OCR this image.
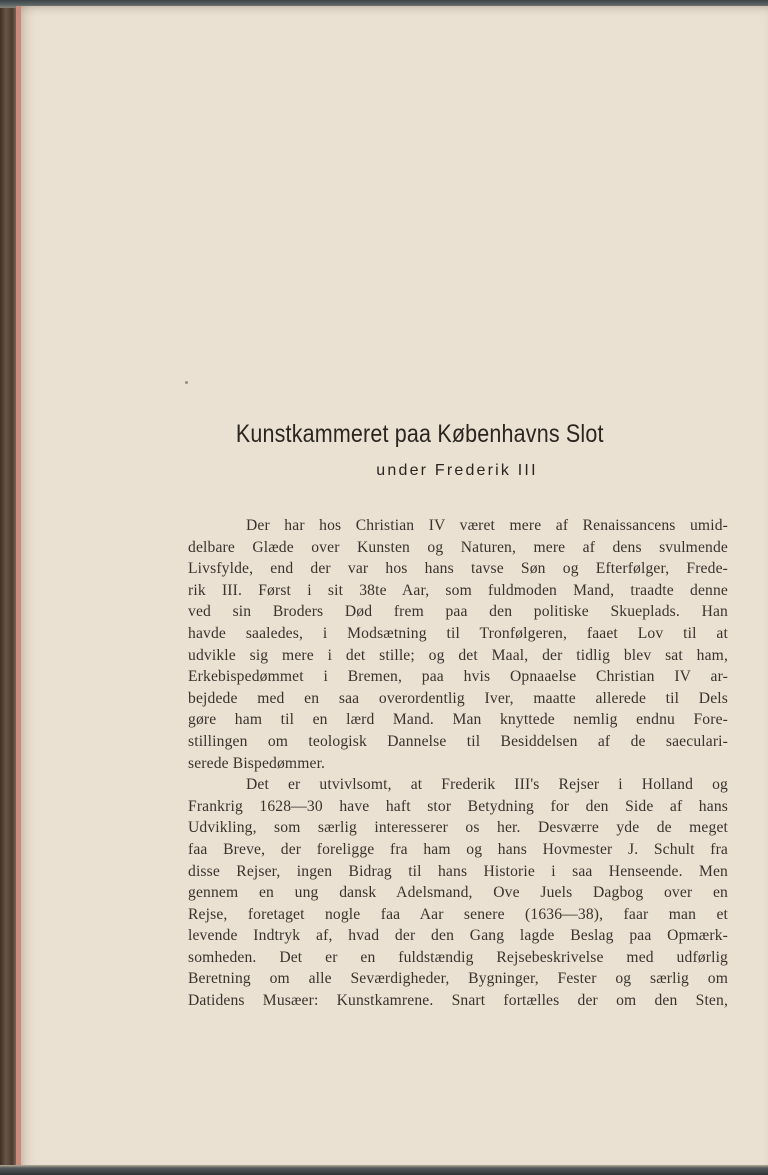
Kunstkammeret paa Københavns Slot
under Frederik III
Der har hos Christian IV været mere af Renaissancens umid-
delbare Glæde over Kunsten og Naturen, mere af dens svulmende
Livsfylde, end der var hos hans tavse Søn og Efterfølger, Frede-
rik III. Først i sit 38te Aar, som fuldmoden Mand, traadte denne
ved sin Broders Død frem paa den politiske Skueplads. Han
havde saaledes, i Modsætning til Tronfølgeren, faaet Lov til at
udvikle sig mere i det stille; og det Maal, der tidlig blev sat ham,
Erkebispedømmet i Bremen, paa hvis Opnaaelse Christian IV ar-
bejdede med en saa overordentlig Iver, maatte allerede til Dels
gøre ham til en lærd Mand. Man knyttede nemlig endnu Fore-
stillingen om teologisk Dannelse til Besiddelsen af de saeculari-
serede Bispedømmer.
Det er utvivlsomt, at Frederik III's Rejser i Holland og
Frankrig 1628—30 have haft stor Betydning for den Side af hans
Udvikling, som særlig interesserer os her. Desværre yde de meget
faa Breve, der foreligge fra ham og hans Hovmester J. Schult fra
disse Rejser, ingen Bidrag til hans Historie i saa Henseende. Men
gennem en ung dansk Adelsmand, Ove Juels Dagbog over en
Rejse, foretaget nogle faa Aar senere (1636—38), faar man et
levende Indtryk af, hvad der den Gang lagde Beslag paa Opmærk-
somheden. Det er en fuldstændig Rejsebeskrivelse med udførlig
Beretning om alle Seværdigheder, Bygninger, Fester og særlig om
Datidens Musæer: Kunstkamrene. Snart fortælles der om den Sten,
